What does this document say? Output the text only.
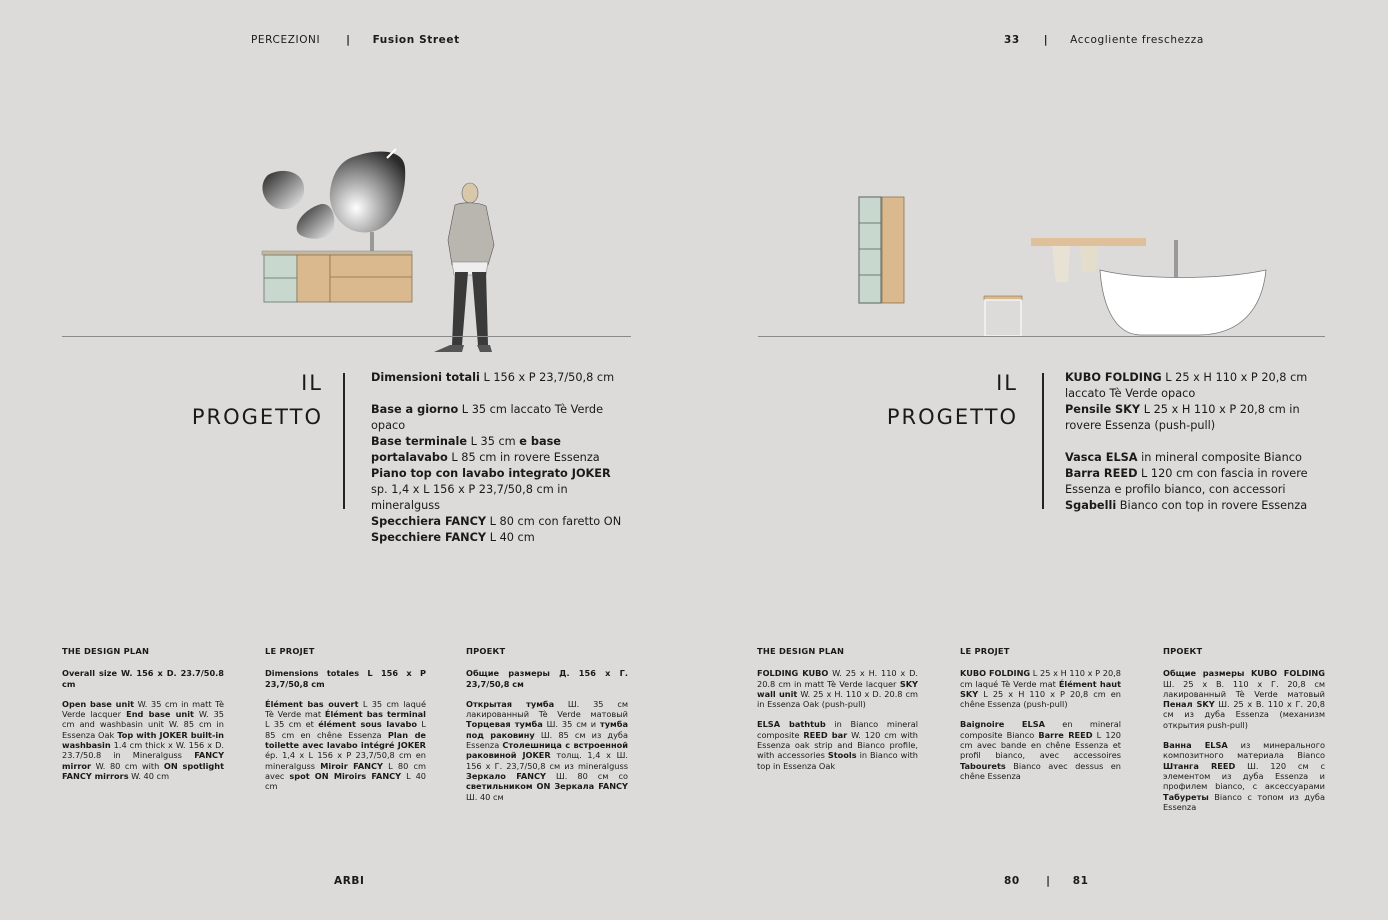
PERCEZIONI | Fusion Street	33 | Accogliente freschezza
IL
PROGETTO

Dimensioni totali L 156 x P 23,7/50,8 cm

Base a giorno L 35 cm laccato Tè Verde opaco

Base terminale L 35 cm e base portalavabo L 85 cm in rovere Essenza

Piano top con lavabo integrato JOKER sp. 1,4 x L 156 x P 23,7/50,8 cm in mineralguss

Specchiera FANCY L 80 cm con faretto ON

Specchiere FANCY L 40 cm

IL
PROGETTO

KUBO FOLDING L 25 x H 110 x P 20,8 cm laccato Tè Verde opaco

Pensile SKY L 25 x H 110 x P 20,8 cm in rovere Essenza (push-pull)

Vasca ELSA in mineral composite Bianco

Barra REED L 120 cm con fascia in rovere Essenza e profilo bianco, con accessori

Sgabelli Bianco con top in rovere Essenza

THE DESIGN PLAN

Overall size W. 156 x D. 23.7/50.8 cm

Open base unit W. 35 cm in matt Tè Verde lacquer End base unit W. 35 cm and washbasin unit W. 85 cm in Essenza Oak Top with JOKER built-in washbasin 1.4 cm thick x W. 156 x D. 23.7/50.8 in Mineralguss FANCY mirror W. 80 cm with ON spotlight FANCY mirrors W. 40 cm

LE PROJET

Dimensions totales L 156 x P 23,7/50,8 cm

Élément bas ouvert L 35 cm laqué Tè Verde mat Élément bas terminal L 35 cm et élément sous lavabo L 85 cm en chêne Essenza Plan de toilette avec lavabo intégré JOKER ép. 1,4 x L 156 x P 23,7/50,8 cm en mineralguss Miroir FANCY L 80 cm avec spot ON Miroirs FANCY L 40 cm

ПРОЕКТ

Общие размеры Д. 156 x Г. 23,7/50,8 см

Открытая тумба Ш. 35 см лакированный Tè Verde матовый Торцевая тумба Ш. 35 см и тумба под раковину Ш. 85 см из дуба Essenza Столешница с встроенной раковиной JOKER толщ. 1,4 x Ш. 156 x Г. 23,7/50,8 см из mineralguss Зеркало FANCY Ш. 80 см со светильником ON Зеркала FANCY Ш. 40 см

THE DESIGN PLAN

FOLDING KUBO W. 25 x H. 110 x D. 20.8 cm in matt Tè Verde lacquer SKY wall unit W. 25 x H. 110 x D. 20.8 cm in Essenza Oak (push-pull)

ELSA bathtub in Bianco mineral composite REED bar W. 120 cm with Essenza oak strip and Bianco profile, with accessories Stools in Bianco with top in Essenza Oak

LE PROJET

KUBO FOLDING L 25 x H 110 x P 20,8 cm laqué Tè Verde mat Élément haut SKY L 25 x H 110 x P 20,8 cm en chêne Essenza (push-pull)

Baignoire ELSA en mineral composite Bianco Barre REED L 120 cm avec bande en chêne Essenza et profil bianco, avec accessoires Tabourets Bianco avec dessus en chêne Essenza

ПРОЕКТ

Общие размеры KUBO FOLDING Ш. 25 x В. 110 x Г. 20,8 см лакированный Tè Verde матовый Пенал SKY Ш. 25 x В. 110 x Г. 20,8 см из дуба Essenza (механизм открытия push-pull)

Ванна ELSA из минерального композитного материала Bianco Штанга REED Ш. 120 см с элементом из дуба Essenza и профилем bianco, с аксессуарами Табуреты Bianco с топом из дуба Essenza

ARBI	80	| 81
